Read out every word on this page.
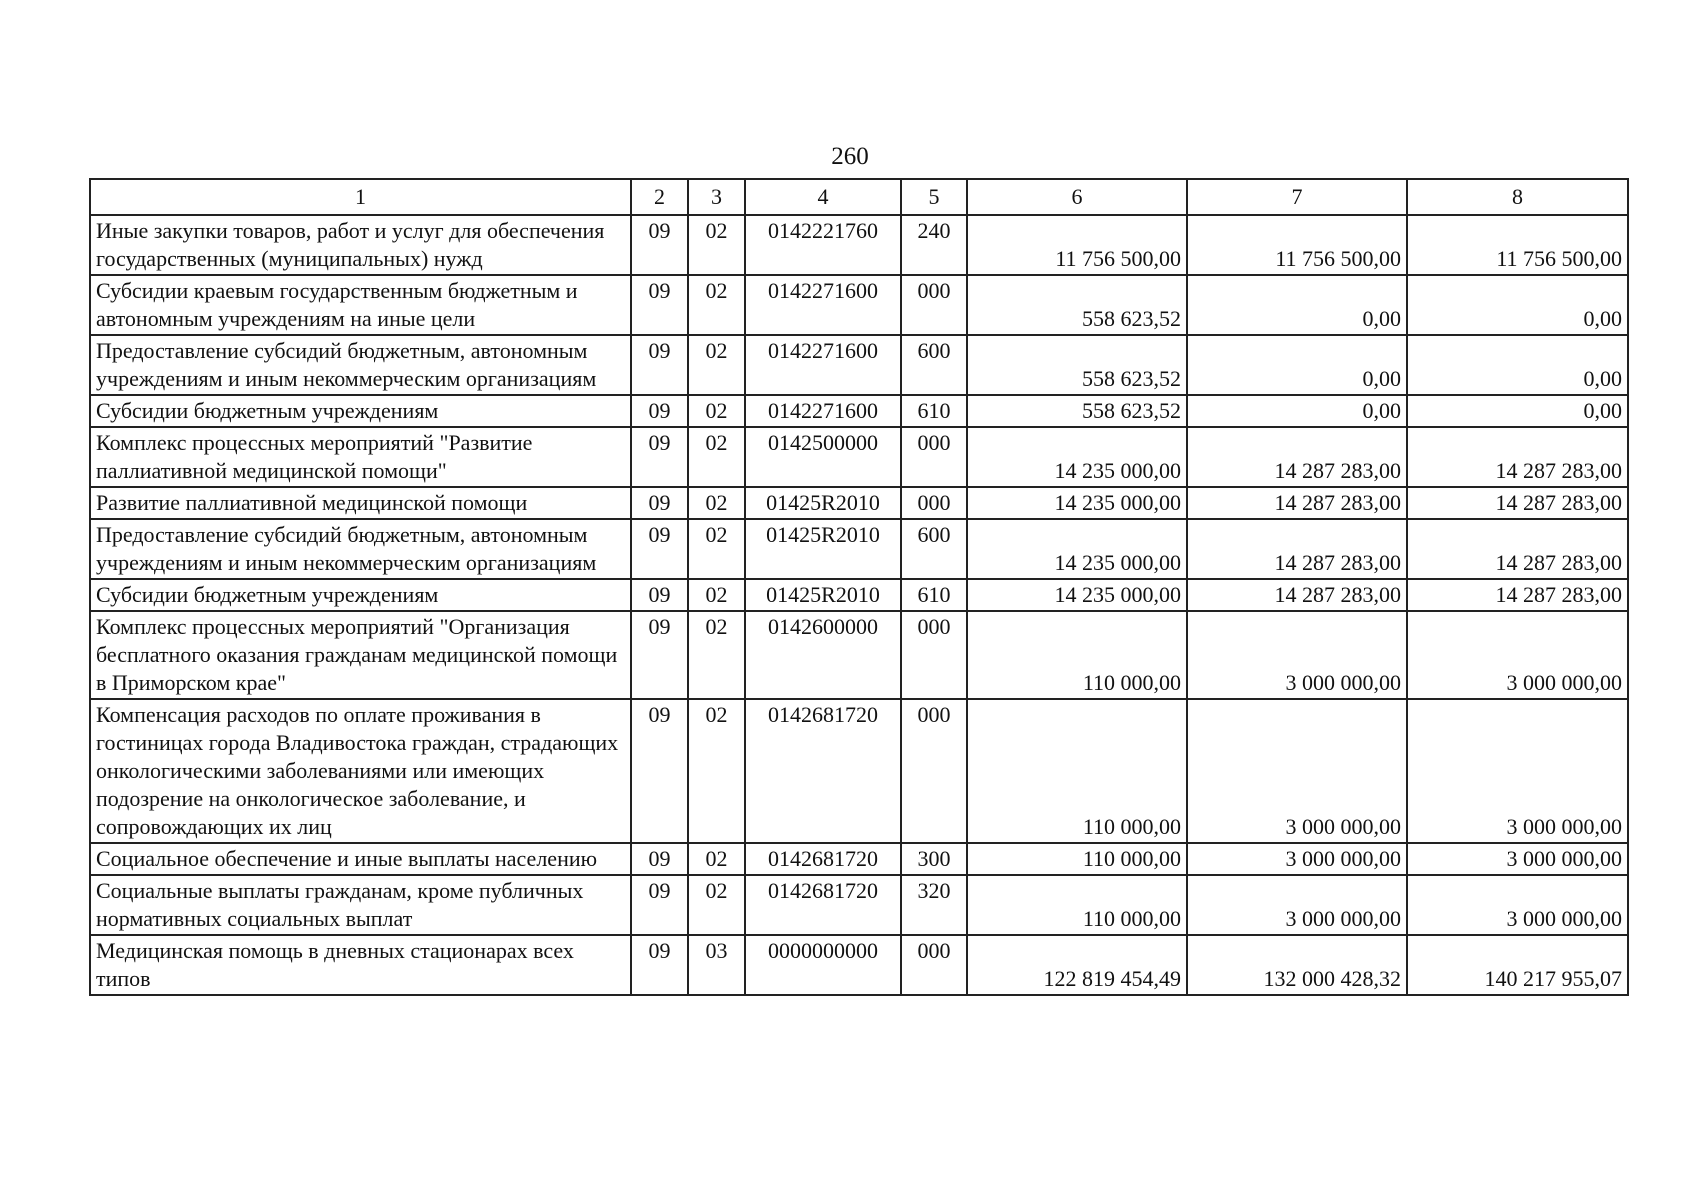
260
1	2	3	4	5	6	7	8
Иные закупки товаров, работ и услуг для обеспечения государственных (муниципальных) нужд	09	02	0142221760	240	11 756 500,00	11 756 500,00	11 756 500,00
Субсидии краевым государственным бюджетным и автономным учреждениям на иные цели	09	02	0142271600	000	558 623,52	0,00	0,00
Предоставление субсидий бюджетным, автономным учреждениям и иным некоммерческим организациям	09	02	0142271600	600	558 623,52	0,00	0,00
Субсидии бюджетным учреждениям	09	02	0142271600	610	558 623,52	0,00	0,00
Комплекс процессных мероприятий "Развитие паллиативной медицинской помощи"	09	02	0142500000	000	14 235 000,00	14 287 283,00	14 287 283,00
Развитие паллиативной медицинской помощи	09	02	01425R2010	000	14 235 000,00	14 287 283,00	14 287 283,00
Предоставление субсидий бюджетным, автономным учреждениям и иным некоммерческим организациям	09	02	01425R2010	600	14 235 000,00	14 287 283,00	14 287 283,00
Субсидии бюджетным учреждениям	09	02	01425R2010	610	14 235 000,00	14 287 283,00	14 287 283,00
Комплекс процессных мероприятий "Организация бесплатного оказания гражданам медицинской помощи в Приморском крае"	09	02	0142600000	000	110 000,00	3 000 000,00	3 000 000,00
Компенсация расходов по оплате проживания в гостиницах города Владивостока граждан, страдающих онкологическими заболеваниями или имеющих подозрение на онкологическое заболевание, и сопровождающих их лиц	09	02	0142681720	000	110 000,00	3 000 000,00	3 000 000,00
Социальное обеспечение и иные выплаты населению	09	02	0142681720	300	110 000,00	3 000 000,00	3 000 000,00
Социальные выплаты гражданам, кроме публичных нормативных социальных выплат	09	02	0142681720	320	110 000,00	3 000 000,00	3 000 000,00
Медицинская помощь в дневных стационарах всех типов	09	03	0000000000	000	122 819 454,49	132 000 428,32	140 217 955,07
